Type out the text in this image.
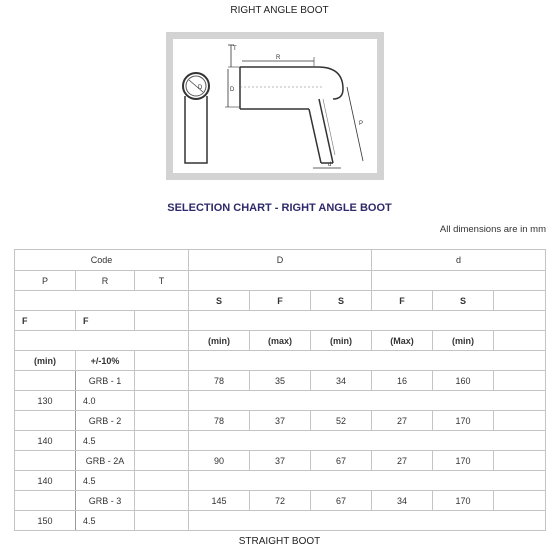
RIGHT ANGLE BOOT
D
T
D
R
P
d
SELECTION CHART - RIGHT ANGLE BOOT
All dimensions are in mm
Code			D			d		
P	R	T						
			S	F	S	F	S	
F	F							
			(min)	(max)	(min)	(Max)	(min)	
(min)	+/-10%							
	GRB - 1		78	35	34	16	160	
130	4.0							
	GRB - 2		78	37	52	27	170	
140	4.5							
	GRB - 2A		90	37	67	27	170	
140	4.5							
	GRB - 3		145	72	67	34	170	
150	4.5							
STRAIGHT BOOT
